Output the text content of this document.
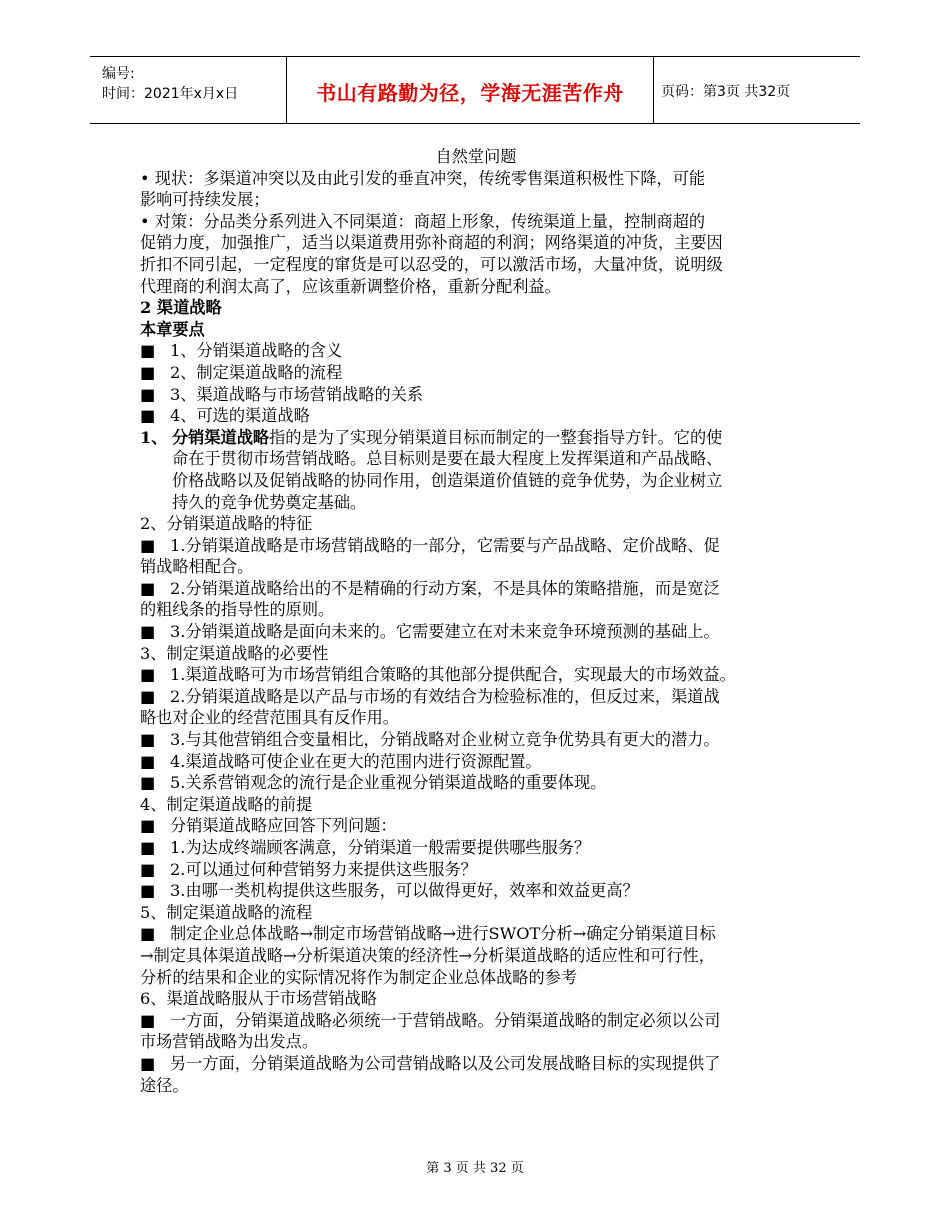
编号:
时间：2021年x月x日	书山有路勤为径，学海无涯苦作舟	页码：第3页 共32页
自然堂问题
• 现状：多渠道冲突以及由此引发的垂直冲突，传统零售渠道积极性下降，可能
影响可持续发展；
• 对策：分品类分系列进入不同渠道：商超上形象，传统渠道上量，控制商超的
促销力度，加强推广，适当以渠道费用弥补商超的利润；网络渠道的冲货，主要因
折扣不同引起，一定程度的窜货是可以忍受的，可以激活市场，大量冲货，说明级
代理商的利润太高了，应该重新调整价格，重新分配利益。
2 渠道战略
本章要点
■ 1、分销渠道战略的含义
■ 2、制定渠道战略的流程
■ 3、渠道战略与市场营销战略的关系
■ 4、可选的渠道战略
1、 分销渠道战略指的是为了实现分销渠道目标而制定的一整套指导方针。它的使
命在于贯彻市场营销战略。总目标则是要在最大程度上发挥渠道和产品战略、
价格战略以及促销战略的协同作用，创造渠道价值链的竞争优势，为企业树立
持久的竞争优势奠定基础。
2、分销渠道战略的特征
■ 1.分销渠道战略是市场营销战略的一部分，它需要与产品战略、定价战略、促
销战略相配合。
■ 2.分销渠道战略给出的不是精确的行动方案，不是具体的策略措施，而是宽泛
的粗线条的指导性的原则。
■ 3.分销渠道战略是面向未来的。它需要建立在对未来竞争环境预测的基础上。
3、制定渠道战略的必要性
■ 1.渠道战略可为市场营销组合策略的其他部分提供配合，实现最大的市场效益。
■ 2.分销渠道战略是以产品与市场的有效结合为检验标准的，但反过来，渠道战
略也对企业的经营范围具有反作用。
■ 3.与其他营销组合变量相比，分销战略对企业树立竞争优势具有更大的潜力。
■ 4.渠道战略可使企业在更大的范围内进行资源配置。
■ 5.关系营销观念的流行是企业重视分销渠道战略的重要体现。
4、制定渠道战略的前提
■ 分销渠道战略应回答下列问题：
■ 1.为达成终端顾客满意，分销渠道一般需要提供哪些服务？
■ 2.可以通过何种营销努力来提供这些服务？
■ 3.由哪一类机构提供这些服务，可以做得更好，效率和效益更高？
5、制定渠道战略的流程
■ 制定企业总体战略→制定市场营销战略→进行SWOT分析→确定分销渠道目标
→制定具体渠道战略→分析渠道决策的经济性→分析渠道战略的适应性和可行性，
分析的结果和企业的实际情况将作为制定企业总体战略的参考
6、渠道战略服从于市场营销战略
■ 一方面，分销渠道战略必须统一于营销战略。分销渠道战略的制定必须以公司
市场营销战略为出发点。
■ 另一方面，分销渠道战略为公司营销战略以及公司发展战略目标的实现提供了
途径。
第 3 页 共 32 页
